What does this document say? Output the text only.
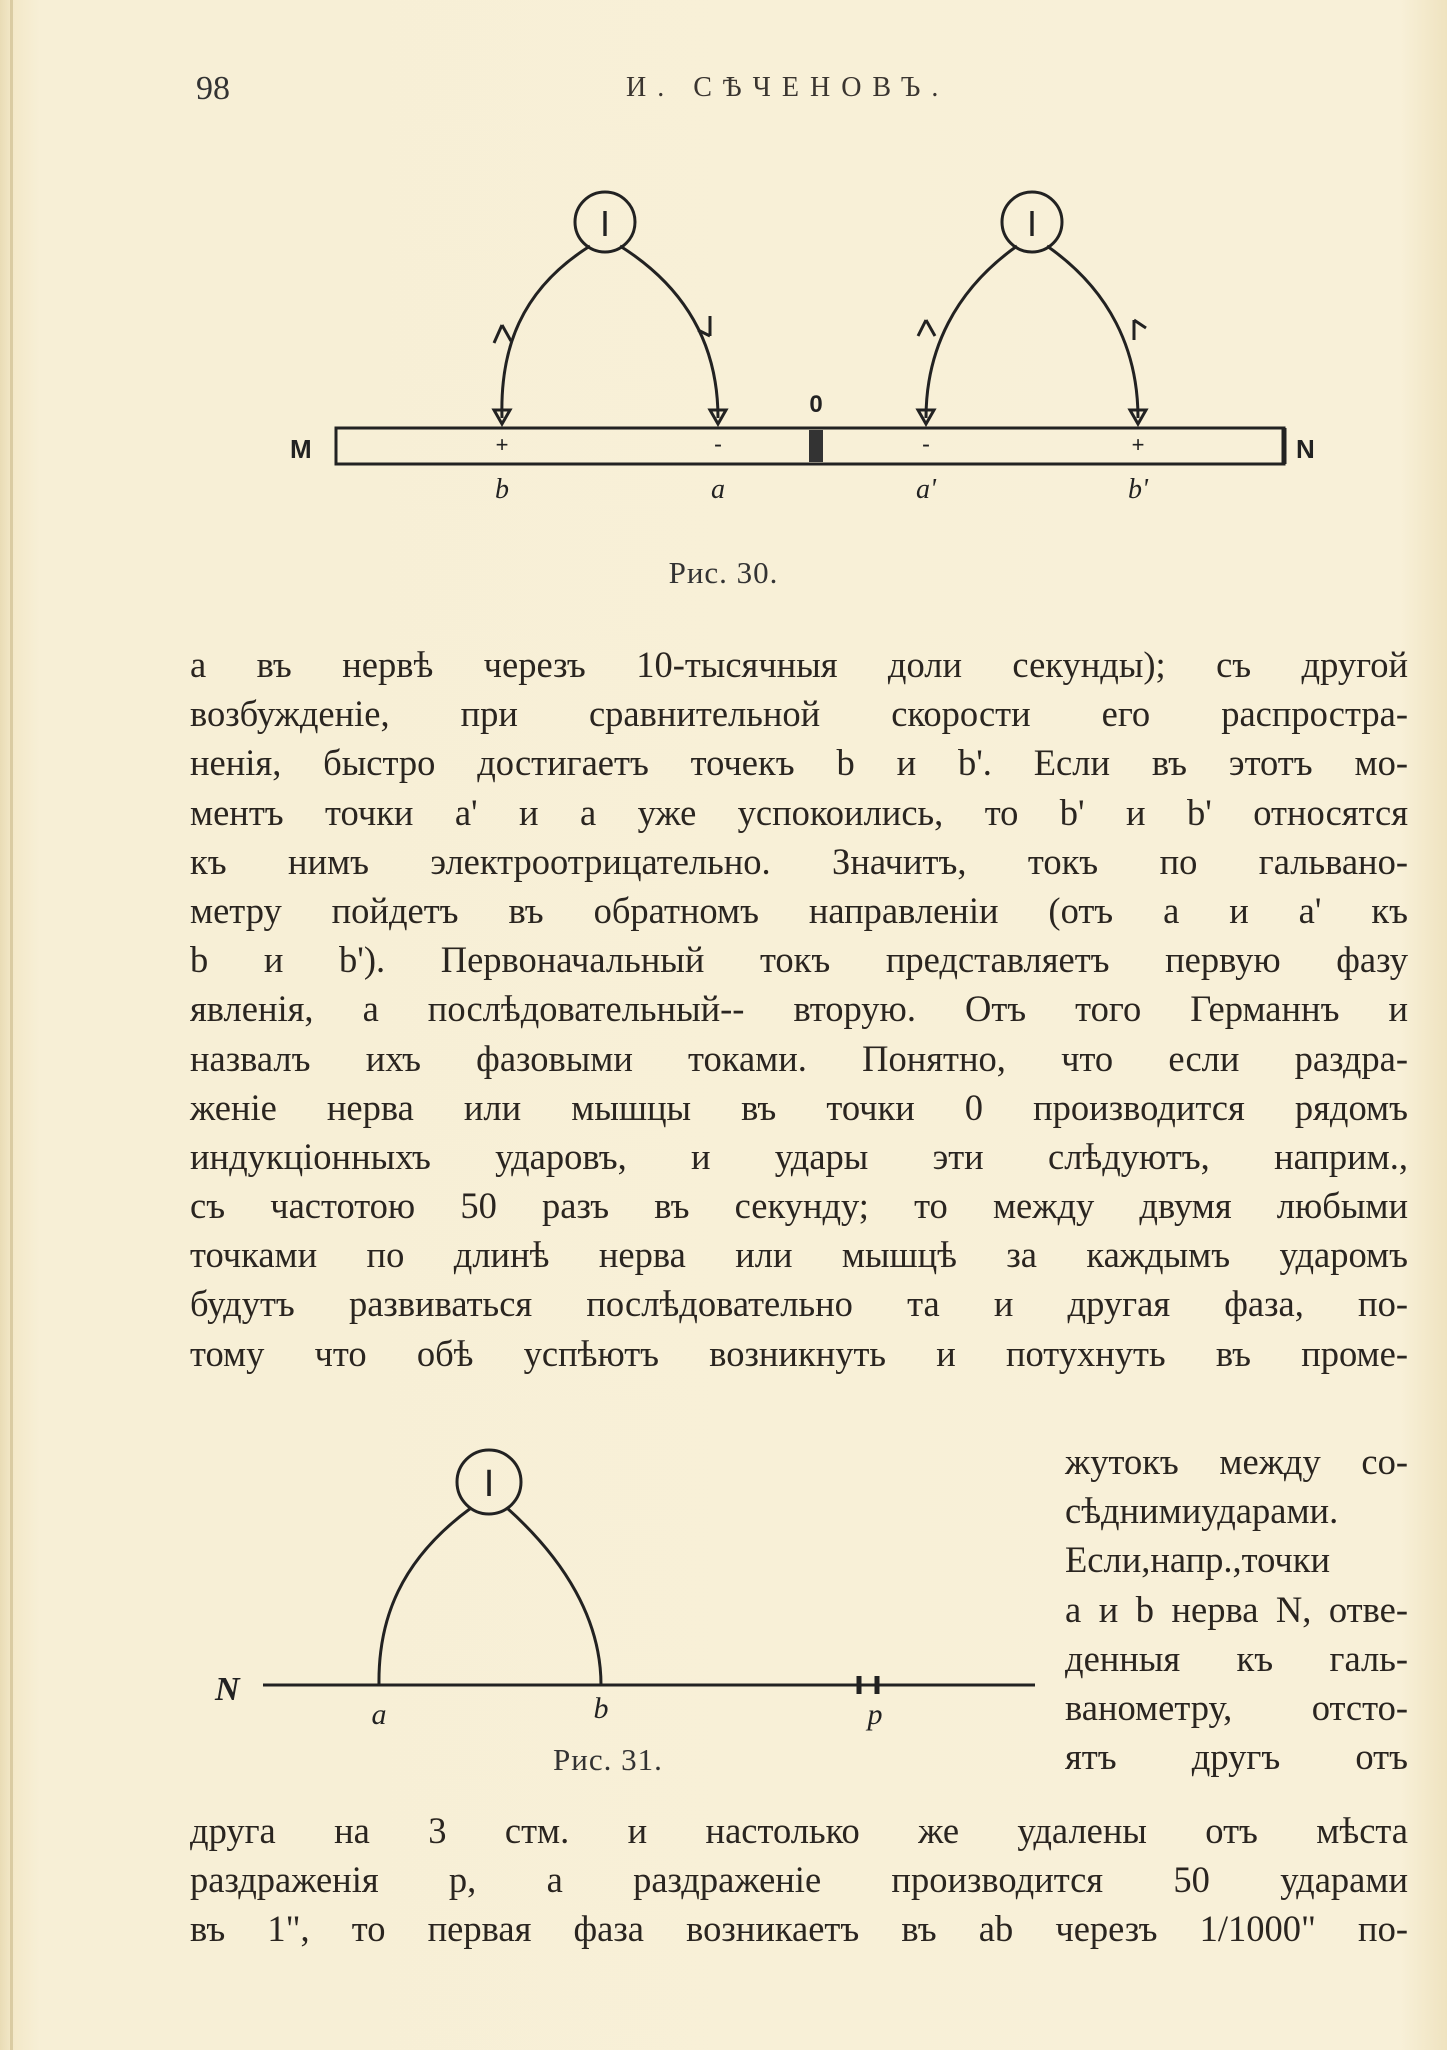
98	И. СѢЧЕНОВЪ.
I	I
M	N
0
+	-	-	+
b	a	a'	b'
Рис. 30.
а въ нервѣ черезъ 10-тысячныя доли секунды); съ другой
возбужденіе, при сравнительной скорости его распростра-
ненія, быстро достигаетъ точекъ b и b'. Если въ этотъ мо-
ментъ точки а' и а уже успокоились, то b' и b' относятся
къ нимъ электроотрицательно. Значитъ, токъ по гальвано-
метру пойдетъ въ обратномъ направленіи (отъ а и а' къ
b и b'). Первоначальный токъ представляетъ первую фазу
явленія, а послѣдовательный-- вторую. Отъ того Германнъ и
назвалъ ихъ фазовыми токами. Понятно, что если раздра-
женіе нерва или мышцы въ точки 0 производится рядомъ
индукціонныхъ ударовъ, и удары эти слѣдуютъ, наприм.,
съ частотою 50 разъ въ секунду; то между двумя любыми
точками по длинѣ нерва или мышцѣ за каждымъ ударомъ
будутъ развиваться послѣдовательно та и другая фаза, по-
тому что обѣ успѣютъ возникнуть и потухнуть въ проме-
I
N
a	b	p
Рис. 31.
жутокъ между со-
сѣднимиударами.
Если,напр.,точки
а и b нерва N, отве-
денныя къ галь-
ванометру, отсто-
ятъ другъ отъ
друга на 3 стм. и настолько же удалены отъ мѣста
раздраженія р, а раздраженіе производится 50 ударами
въ 1", то первая фаза возникаетъ въ аb черезъ 1/1000" по-
